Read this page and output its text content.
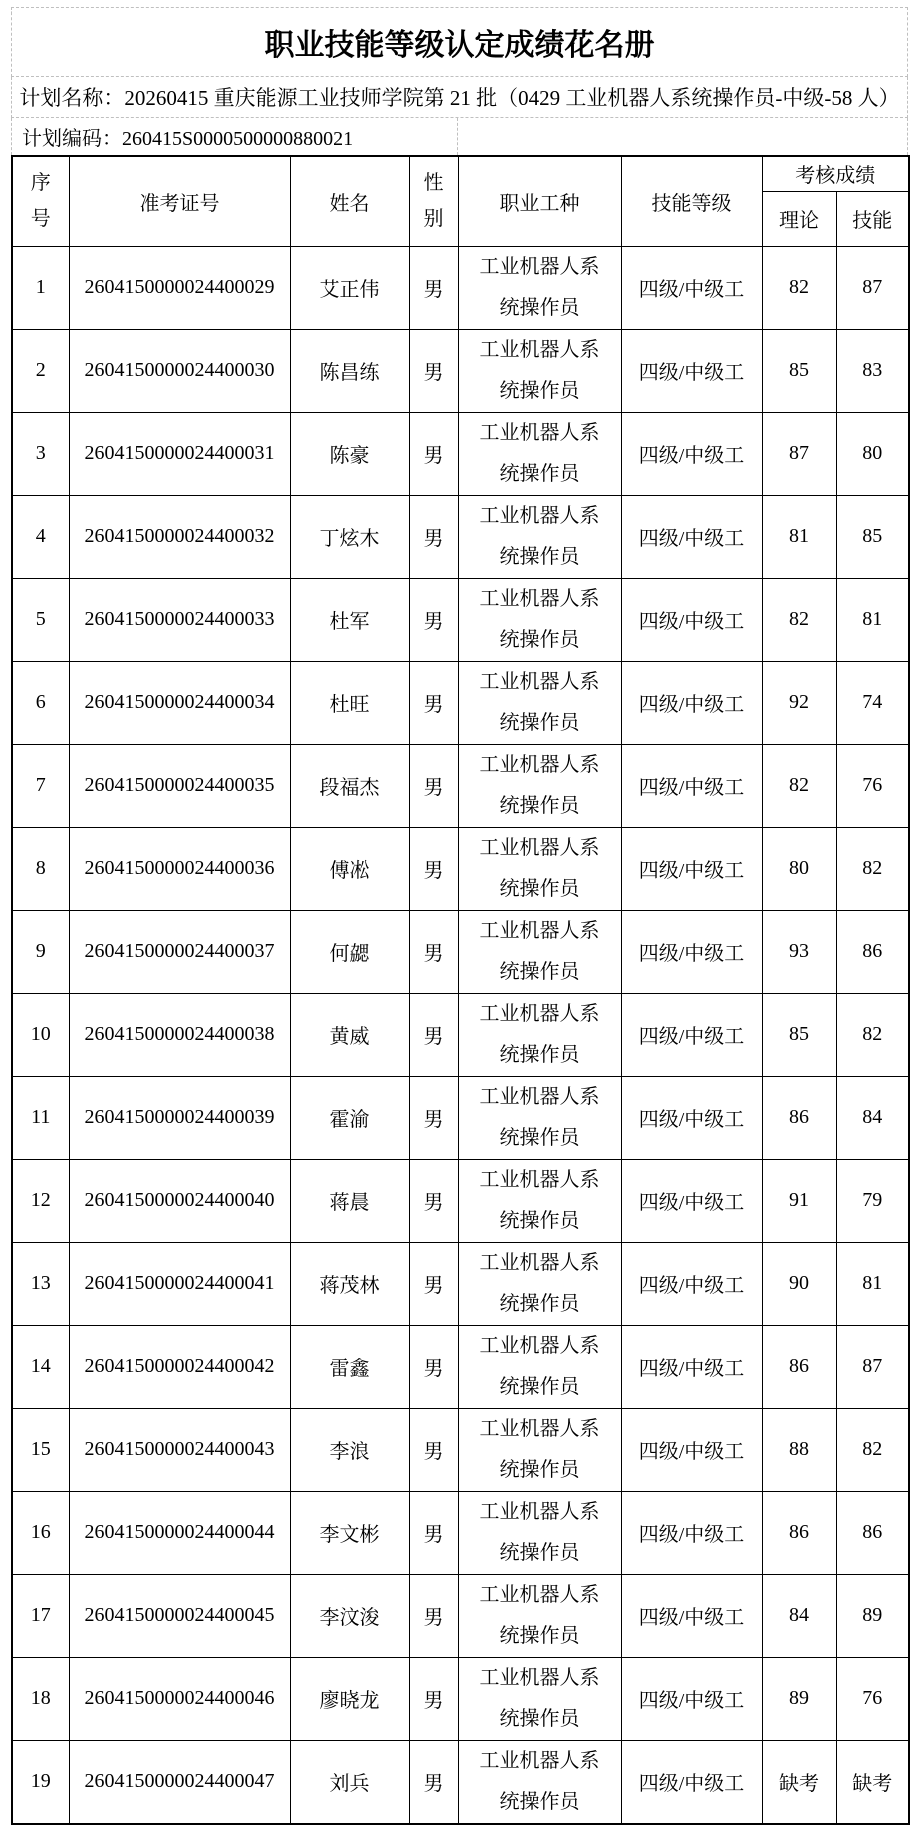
职业技能等级认定成绩花名册
计划名称：20260415 重庆能源工业技师学院第 21 批（0429 工业机器人系统操作员-中级-58 人）
计划编码：260415S0000500000880021
序号	准考证号	姓名	性别	职业工种	技能等级	考核成绩	
						理论	技能
1	2604150000024400029	艾正伟	男	工业机器人系统操作员	四级/中级工	82	87
2	2604150000024400030	陈昌练	男	工业机器人系统操作员	四级/中级工	85	83
3	2604150000024400031	陈豪	男	工业机器人系统操作员	四级/中级工	87	80
4	2604150000024400032	丁炫木	男	工业机器人系统操作员	四级/中级工	81	85
5	2604150000024400033	杜军	男	工业机器人系统操作员	四级/中级工	82	81
6	2604150000024400034	杜旺	男	工业机器人系统操作员	四级/中级工	92	74
7	2604150000024400035	段福杰	男	工业机器人系统操作员	四级/中级工	82	76
8	2604150000024400036	傅凇	男	工业机器人系统操作员	四级/中级工	80	82
9	2604150000024400037	何勰	男	工业机器人系统操作员	四级/中级工	93	86
10	2604150000024400038	黄威	男	工业机器人系统操作员	四级/中级工	85	82
11	2604150000024400039	霍渝	男	工业机器人系统操作员	四级/中级工	86	84
12	2604150000024400040	蒋晨	男	工业机器人系统操作员	四级/中级工	91	79
13	2604150000024400041	蒋茂林	男	工业机器人系统操作员	四级/中级工	90	81
14	2604150000024400042	雷鑫	男	工业机器人系统操作员	四级/中级工	86	87
15	2604150000024400043	李浪	男	工业机器人系统操作员	四级/中级工	88	82
16	2604150000024400044	李文彬	男	工业机器人系统操作员	四级/中级工	86	86
17	2604150000024400045	李汶浚	男	工业机器人系统操作员	四级/中级工	84	89
18	2604150000024400046	廖晓龙	男	工业机器人系统操作员	四级/中级工	89	76
19	2604150000024400047	刘兵	男	工业机器人系统操作员	四级/中级工	缺考	缺考
